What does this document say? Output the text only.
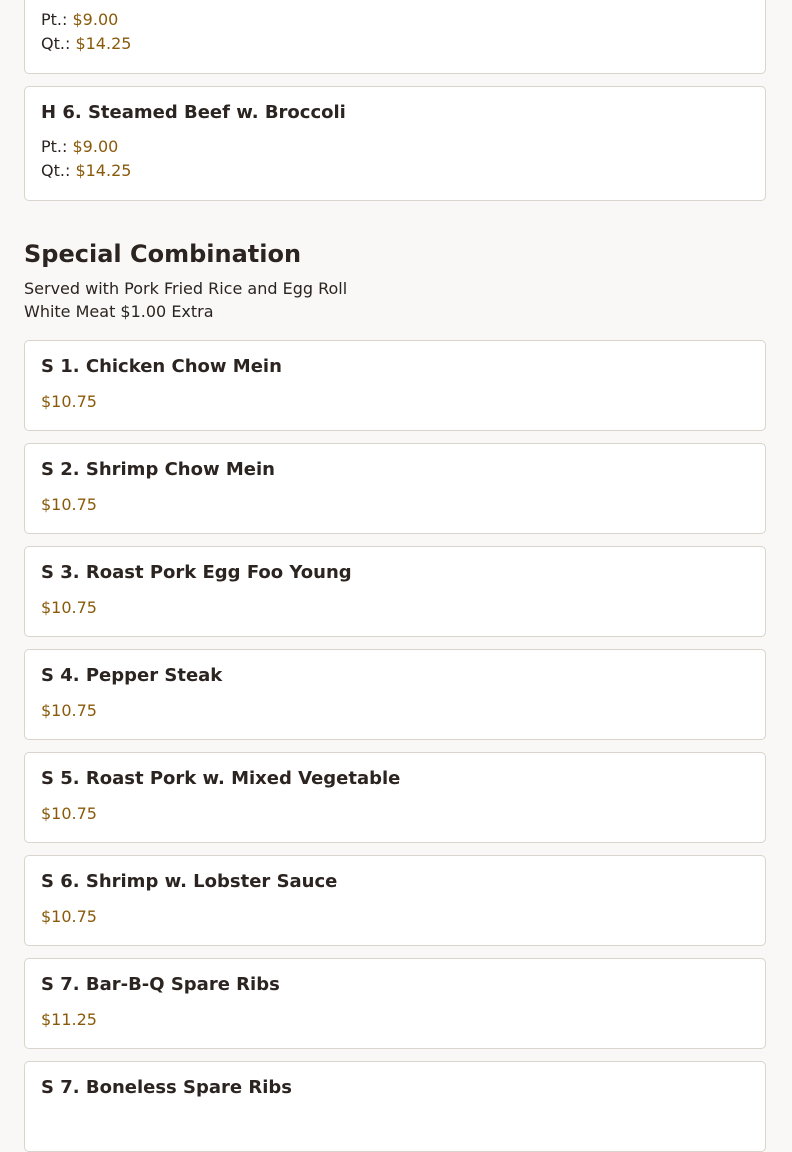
Pt.: $9.00
Qt.: $14.25
H 6. Steamed Beef w. Broccoli
Pt.: $9.00
Qt.: $14.25
Special Combination
Served with Pork Fried Rice and Egg Roll
White Meat $1.00 Extra
S 1. Chicken Chow Mein
$10.75
S 2. Shrimp Chow Mein
$10.75
S 3. Roast Pork Egg Foo Young
$10.75
S 4. Pepper Steak
$10.75
S 5. Roast Pork w. Mixed Vegetable
$10.75
S 6. Shrimp w. Lobster Sauce
$10.75
S 7. Bar-B-Q Spare Ribs
$11.25
S 7. Boneless Spare Ribs
